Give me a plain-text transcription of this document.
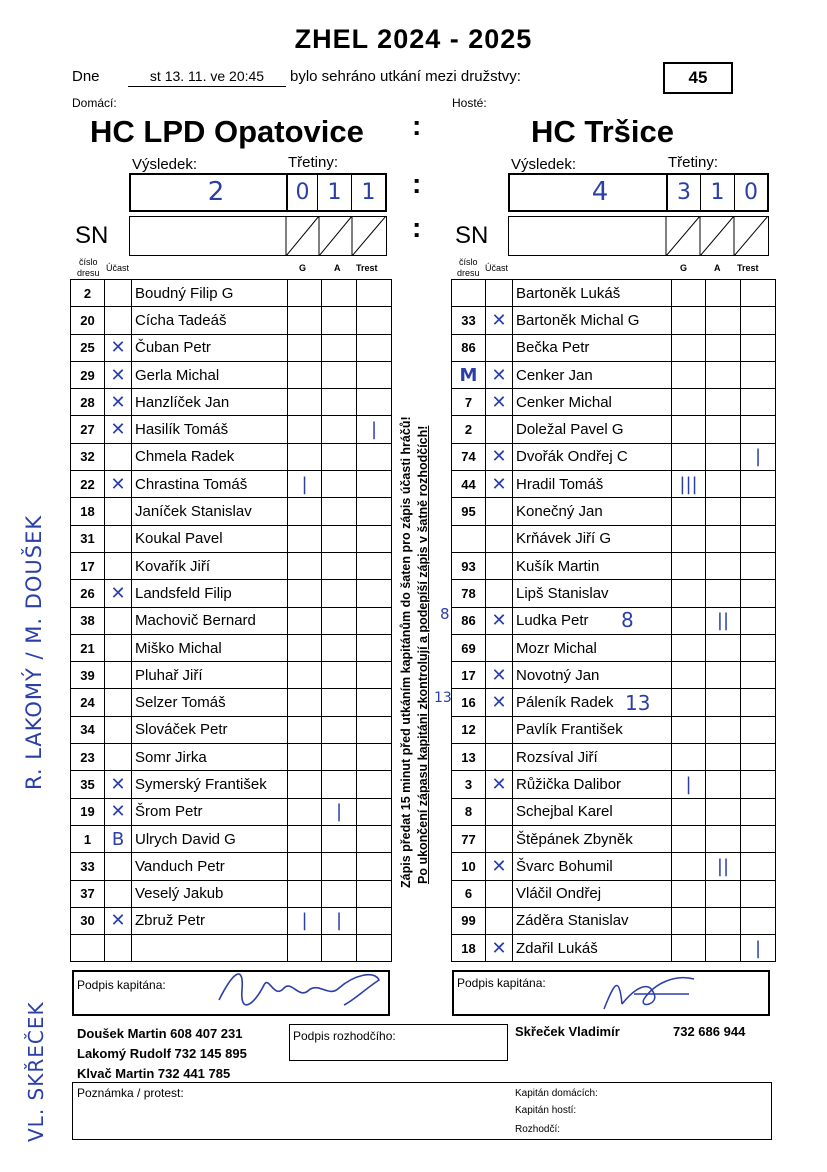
ZHEL 2024 - 2025
Dne	st 13. 11. ve 20:45	bylo sehráno utkání mezi družstvy:	45
Domácí:	Hosté:
HC LPD Opatovice	HC Tršice
:
Výsledek:	Třetiny:	Výsledek:	Třetiny:
2	0 1 1	:	4	3 1 0
SN	: SN
číslo
dresu Účast	G	A Trest
číslo
dresu Účast	G	A Trest
2		Boudný Filip G			
20		Cícha Tadeáš			
25	✕	Čuban Petr			
29	✕	Gerla Michal			
28	✕	Hanzlíček Jan			
27	✕	Hasilík Tomáš			|
32		Chmela Radek			
22	✕	Chrastina Tomáš	|		
18		Janíček Stanislav			
31		Koukal Pavel			
17		Kovařík Jiří			
26	✕	Landsfeld Filip			
38		Machovič Bernard			
21		Miško Michal			
39		Pluhař Jiří			
24		Selzer Tomáš			
34		Slováček Petr			
23		Somr Jirka			
35	✕	Symerský František			
19	✕	Šrom Petr		|	
1	B	Ulrych David G			
33		Vanduch Petr			
37		Veselý Jakub			
30	✕	Zbruž Petr	|	|	

		Bartoněk Lukáš			
33	✕	Bartoněk Michal G			
86		Bečka Petr			
M	✕	Cenker Jan			
7	✕	Cenker Michal			
2		Doležal Pavel G			
74	✕	Dvořák Ondřej C			|
44	✕	Hradil Tomáš	|||		
95		Konečný Jan			
		Krňávek Jiří G			
93		Kušík Martin			
78		Lipš Stanislav			
86	✕	Ludka Petr		||	
69		Mozr Michal			
17	✕	Novotný Jan			
16	✕	Páleník Radek			
12		Pavlík František			
13		Rozsíval Jiří			
3	✕	Růžička Dalibor	|		
8		Schejbal Karel			
77		Štěpánek Zbyněk			
10	✕	Švarc Bohumil		||	
6		Vláčil Ondřej			
99		Záděra Stanislav			
18	✕	Zdařil Lukáš			|
8
8
13
13
Zápis předat 15 minut před utkáním kapitánům do šaten pro zápis účasti hráčů! Po ukončení zápasu kapitáni zkontrolují a podepíší zápis v šatně rozhodčích!
R. LAKOMÝ / M. DOUŠEK
VL. SKŘEČEK
Podpis kapitána:	Podpis kapitána:
Doušek Martin 608 407 231
Lakomý Rudolf 732 145 895
Klvač Martin 732 441 785
Podpis rozhodčího:	Skřeček Vladimír	732 686 944
Poznámka / protest:	Kapitán domácích:
Kapitán hostí:
Rozhodčí:
